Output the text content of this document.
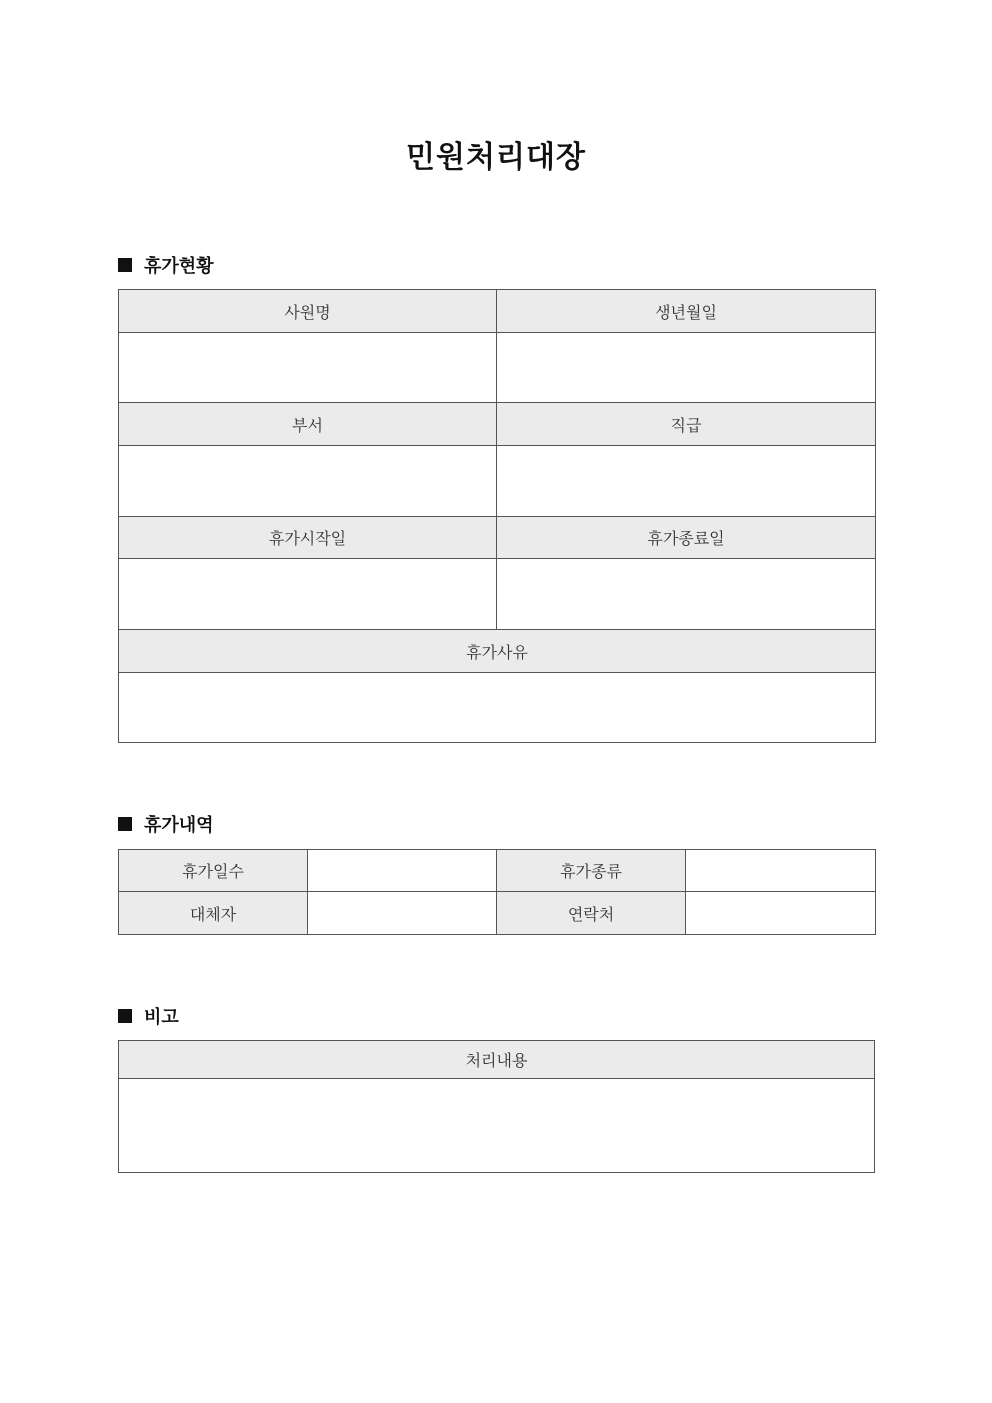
민원처리대장
휴가현황
사원명	생년월일

부서	직급

휴가시작일	휴가종료일

휴가사유	

휴가내역
휴가일수		휴가종류	
대체자		연락처	
비고
처리내용
